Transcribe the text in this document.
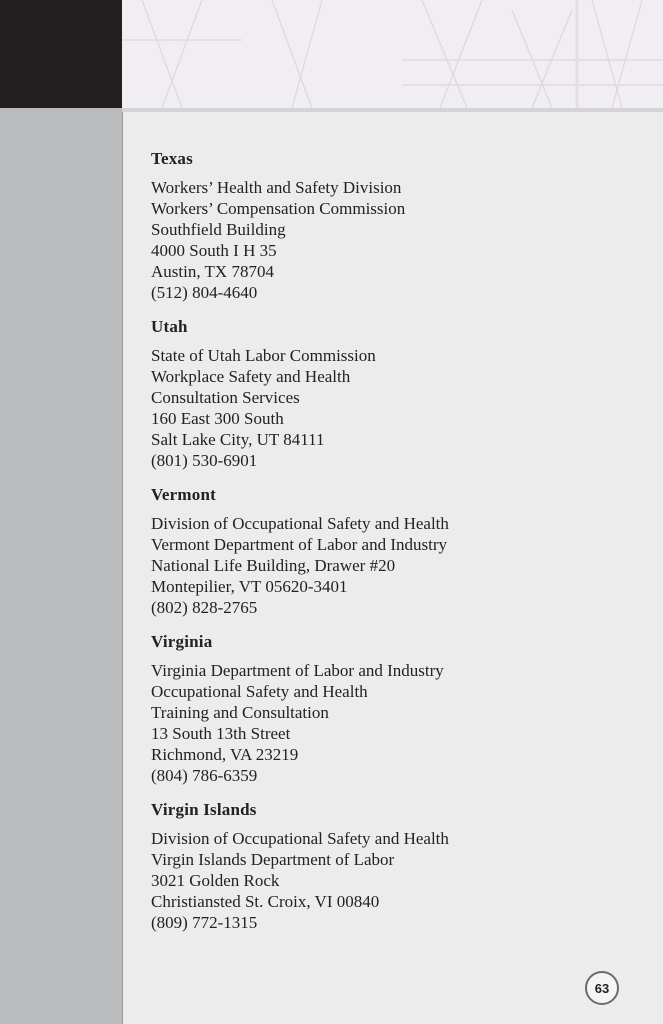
Texas
Workers’ Health and Safety Division
Workers’ Compensation Commission
Southfield Building
4000 South I H 35
Austin, TX 78704
(512) 804-4640
Utah
State of Utah Labor Commission
Workplace Safety and Health
Consultation Services
160 East 300 South
Salt Lake City, UT 84111
(801) 530-6901
Vermont
Division of Occupational Safety and Health
Vermont Department of Labor and Industry
National Life Building, Drawer #20
Montepilier, VT 05620-3401
(802) 828-2765
Virginia
Virginia Department of Labor and Industry
Occupational Safety and Health
Training and Consultation
13 South 13th Street
Richmond, VA 23219
(804) 786-6359
Virgin Islands
Division of Occupational Safety and Health
Virgin Islands Department of Labor
3021 Golden Rock
Christiansted St. Croix, VI 00840
(809) 772-1315
63
